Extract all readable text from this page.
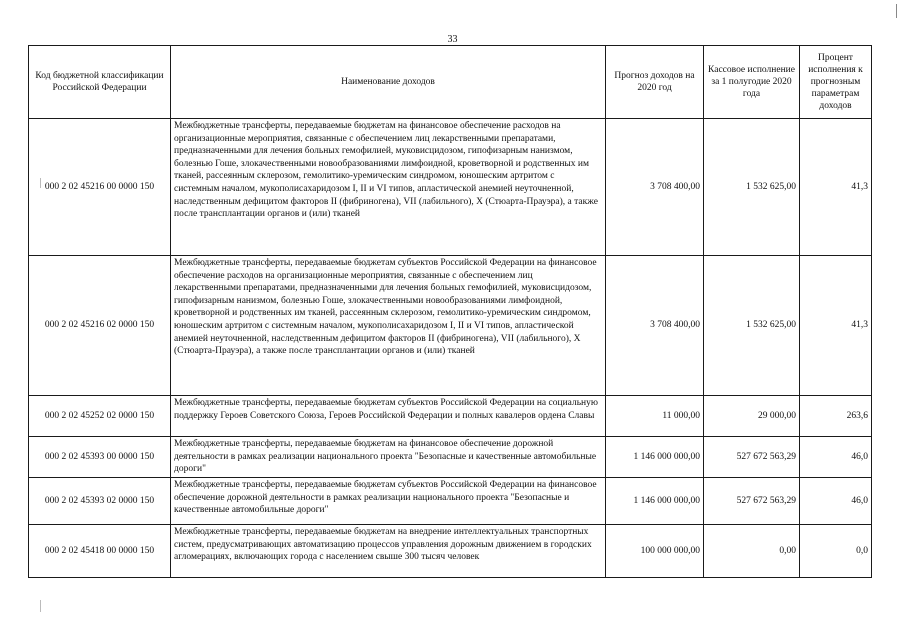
33
Код бюджетной классификации Российской Федерации	Наименование доходов	Прогноз доходов на 2020 год	Кассовое исполнение за 1 полугодие 2020 года	Процент исполнения к прогнозным параметрам доходов
000 2 02 45216 00 0000 150	Межбюджетные трансферты, передаваемые бюджетам на финансовое обеспечение расходов на организационные мероприятия, связанные с обеспечением лиц лекарственными препаратами, предназначенными для лечения больных гемофилией, муковисцидозом, гипофизарным нанизмом, болезнью Гоше, злокачественными новообразованиями лимфоидной, кроветворной и родственных им тканей, рассеянным склерозом, гемолитико-уремическим синдромом, юношеским артритом с системным началом, мукополисахаридозом I, II и VI типов, апластической анемией неуточненной, наследственным дефицитом факторов II (фибриногена), VII (лабильного), X (Стюарта-Прауэра), а также после трансплантации органов и (или) тканей	3 708 400,00	1 532 625,00	41,3
000 2 02 45216 02 0000 150	Межбюджетные трансферты, передаваемые бюджетам субъектов Российской Федерации на финансовое обеспечение расходов на организационные мероприятия, связанные с обеспечением лиц лекарственными препаратами, предназначенными для лечения больных гемофилией, муковисцидозом, гипофизарным нанизмом, болезнью Гоше, злокачественными новообразованиями лимфоидной, кроветворной и родственных им тканей, рассеянным склерозом, гемолитико-уремическим синдромом, юношеским артритом с системным началом, мукополисахаридозом I, II и VI типов, апластической анемией неуточненной, наследственным дефицитом факторов II (фибриногена), VII (лабильного), X (Стюарта-Прауэра), а также после трансплантации органов и (или) тканей	3 708 400,00	1 532 625,00	41,3
000 2 02 45252 02 0000 150	Межбюджетные трансферты, передаваемые бюджетам субъектов Российской Федерации на социальную поддержку Героев Советского Союза, Героев Российской Федерации и полных кавалеров ордена Славы	11 000,00	29 000,00	263,6
000 2 02 45393 00 0000 150	Межбюджетные трансферты, передаваемые бюджетам на финансовое обеспечение дорожной деятельности в рамках реализации национального проекта "Безопасные и качественные автомобильные дороги"	1 146 000 000,00	527 672 563,29	46,0
000 2 02 45393 02 0000 150	Межбюджетные трансферты, передаваемые бюджетам субъектов Российской Федерации на финансовое обеспечение дорожной деятельности в рамках реализации национального проекта "Безопасные и качественные автомобильные дороги"	1 146 000 000,00	527 672 563,29	46,0
000 2 02 45418 00 0000 150	Межбюджетные трансферты, передаваемые бюджетам на внедрение интеллектуальных транспортных систем, предусматривающих автоматизацию процессов управления дорожным движением в городских агломерациях, включающих города с населением свыше 300 тысяч человек	100 000 000,00	0,00	0,0
